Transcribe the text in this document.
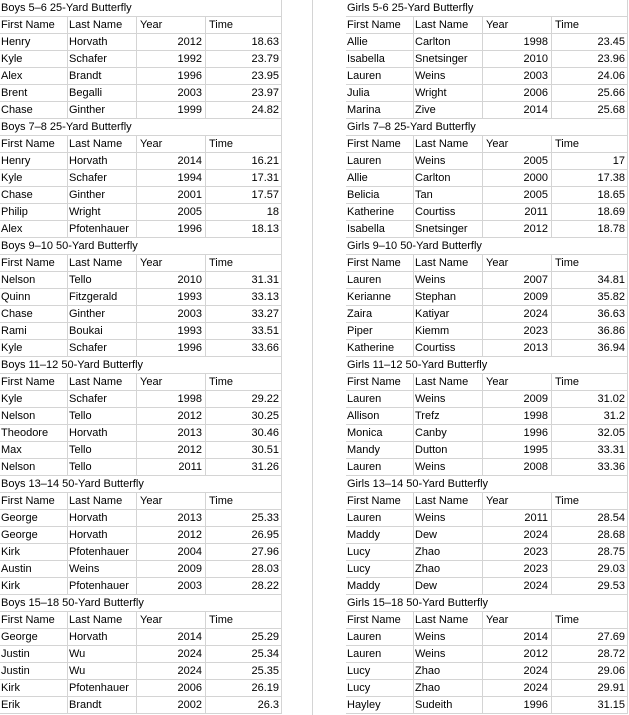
Boys 5–6 25-Yard Butterfly
First Name	Last Name	Year	Time
Henry	Horvath	2012	18.63
Kyle	Schafer	1992	23.79
Alex	Brandt	1996	23.95
Brent	Begalli	2003	23.97
Chase	Ginther	1999	24.82
Boys 7–8 25-Yard Butterfly
First Name	Last Name	Year	Time
Henry	Horvath	2014	16.21
Kyle	Schafer	1994	17.31
Chase	Ginther	2001	17.57
Philip	Wright	2005	18
Alex	Pfotenhauer	1996	18.13
Boys 9–10 50-Yard Butterfly
First Name	Last Name	Year	Time
Nelson	Tello	2010	31.31
Quinn	Fitzgerald	1993	33.13
Chase	Ginther	2003	33.27
Rami	Boukai	1993	33.51
Kyle	Schafer	1996	33.66
Boys 11–12 50-Yard Butterfly
First Name	Last Name	Year	Time
Kyle	Schafer	1998	29.22
Nelson	Tello	2012	30.25
Theodore	Horvath	2013	30.46
Max	Tello	2012	30.51
Nelson	Tello	2011	31.26
Boys 13–14 50-Yard Butterfly
First Name	Last Name	Year	Time
George	Horvath	2013	25.33
George	Horvath	2012	26.95
Kirk	Pfotenhauer	2004	27.96
Austin	Weins	2009	28.03
Kirk	Pfotenhauer	2003	28.22
Boys 15–18 50-Yard Butterfly
First Name	Last Name	Year	Time
George	Horvath	2014	25.29
Justin	Wu	2024	25.34
Justin	Wu	2024	25.35
Kirk	Pfotenhauer	2006	26.19
Erik	Brandt	2002	26.3
Girls 5-6 25-Yard Butterfly
First Name	Last Name	Year	Time
Allie	Carlton	1998	23.45
Isabella	Snetsinger	2010	23.96
Lauren	Weins	2003	24.06
Julia	Wright	2006	25.66
Marina	Zive	2014	25.68
Girls 7–8 25-Yard Butterfly
First Name	Last Name	Year	Time
Lauren	Weins	2005	17
Allie	Carlton	2000	17.38
Belicia	Tan	2005	18.65
Katherine	Courtiss	2011	18.69
Isabella	Snetsinger	2012	18.78
Girls 9–10 50-Yard Butterfly
First Name	Last Name	Year	Time
Lauren	Weins	2007	34.81
Kerianne	Stephan	2009	35.82
Zaira	Katiyar	2024	36.63
Piper	Kiemm	2023	36.86
Katherine	Courtiss	2013	36.94
Girls 11–12 50-Yard Butterfly
First Name	Last Name	Year	Time
Lauren	Weins	2009	31.02
Allison	Trefz	1998	31.2
Monica	Canby	1996	32.05
Mandy	Dutton	1995	33.31
Lauren	Weins	2008	33.36
Girls 13–14 50-Yard Butterfly
First Name	Last Name	Year	Time
Lauren	Weins	2011	28.54
Maddy	Dew	2024	28.68
Lucy	Zhao	2023	28.75
Lucy	Zhao	2023	29.03
Maddy	Dew	2024	29.53
Girls 15–18 50-Yard Butterfly
First Name	Last Name	Year	Time
Lauren	Weins	2014	27.69
Lauren	Weins	2012	28.72
Lucy	Zhao	2024	29.06
Lucy	Zhao	2024	29.91
Hayley	Sudeith	1996	31.15
